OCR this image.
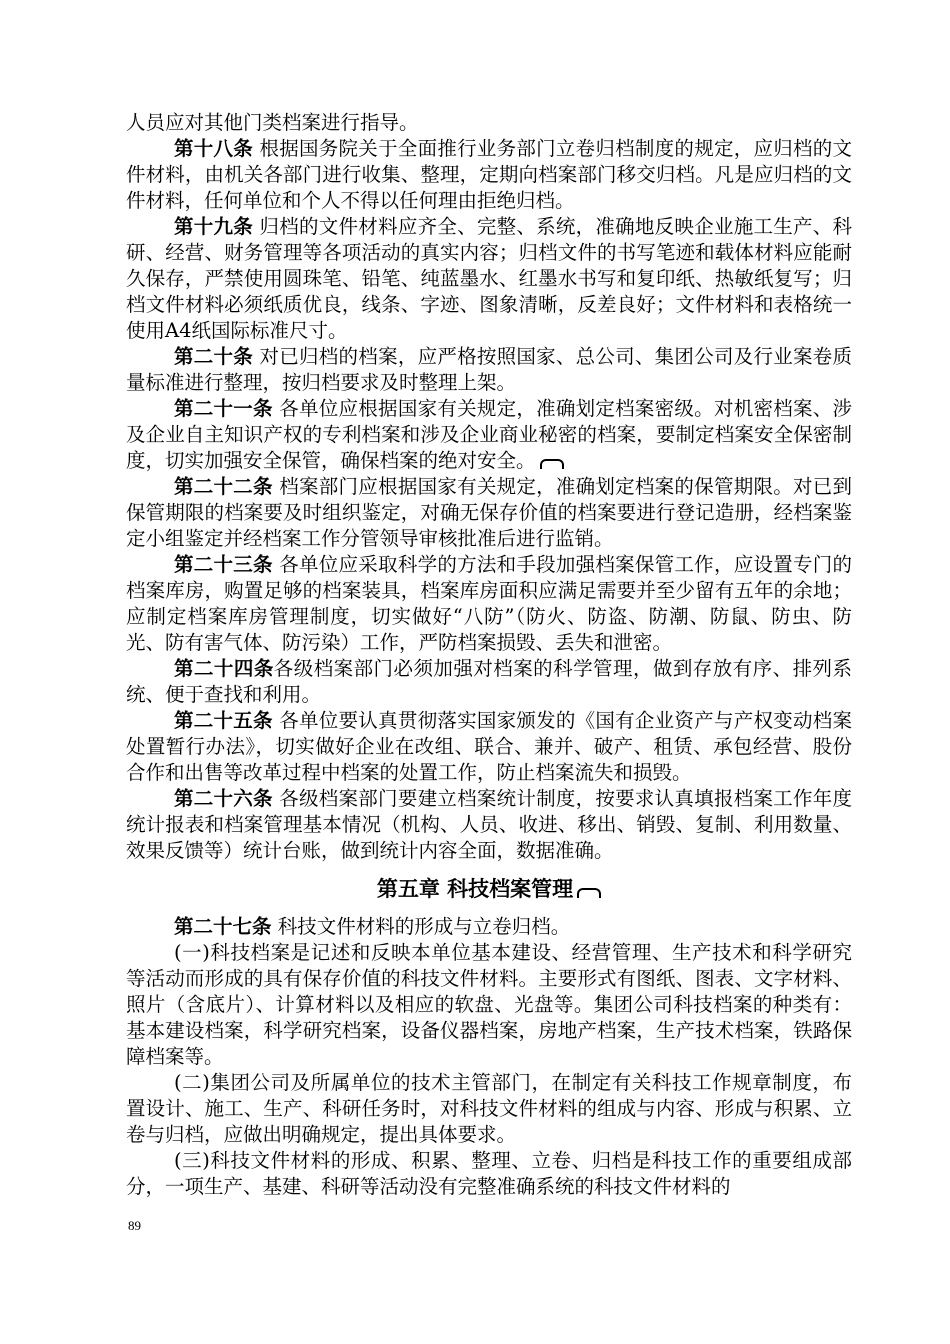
人员应对其他门类档案进行指导。

第十八条 根据国务院关于全面推行业务部门立卷归档制度的规定，应归档的文件材料，由机关各部门进行收集、整理，定期向档案部门移交归档。凡是应归档的文件材料，任何单位和个人不得以任何理由拒绝归档。

第十九条 归档的文件材料应齐全、完整、系统，准确地反映企业施工生产、科研、经营、财务管理等各项活动的真实内容；归档文件的书写笔迹和载体材料应能耐久保存，严禁使用圆珠笔、铅笔、纯蓝墨水、红墨水书写和复印纸、热敏纸复写；归档文件材料必须纸质优良，线条、字迹、图象清晰，反差良好；文件材料和表格统一使用A4纸国际标准尺寸。

第二十条 对已归档的档案，应严格按照国家、总公司、集团公司及行业案卷质量标准进行整理，按归档要求及时整理上架。

第二十一条 各单位应根据国家有关规定，准确划定档案密级。对机密档案、涉及企业自主知识产权的专利档案和涉及企业商业秘密的档案，要制定档案安全保密制度，切实加强安全保管，确保档案的绝对安全。

第二十二条 档案部门应根据国家有关规定，准确划定档案的保管期限。对已到保管期限的档案要及时组织鉴定，对确无保存价值的档案要进行登记造册，经档案鉴定小组鉴定并经档案工作分管领导审核批准后进行监销。

第二十三条 各单位应采取科学的方法和手段加强档案保管工作，应设置专门的档案库房，购置足够的档案装具，档案库房面积应满足需要并至少留有五年的余地；应制定档案库房管理制度，切实做好“八防”（防火、防盗、防潮、防鼠、防虫、防光、防有害气体、防污染）工作，严防档案损毁、丢失和泄密。

第二十四条各级档案部门必须加强对档案的科学管理，做到存放有序、排列系统、便于查找和利用。

第二十五条 各单位要认真贯彻落实国家颁发的《国有企业资产与产权变动档案处置暂行办法》，切实做好企业在改组、联合、兼并、破产、租赁、承包经营、股份合作和出售等改革过程中档案的处置工作，防止档案流失和损毁。

第二十六条 各级档案部门要建立档案统计制度，按要求认真填报档案工作年度统计报表和档案管理基本情况（机构、人员、收进、移出、销毁、复制、利用数量、效果反馈等）统计台账，做到统计内容全面，数据准确。

第五章 科技档案管理

第二十七条 科技文件材料的形成与立卷归档。

(一)科技档案是记述和反映本单位基本建设、经营管理、生产技术和科学研究等活动而形成的具有保存价值的科技文件材料。主要形式有图纸、图表、文字材料、照片（含底片）、计算材料以及相应的软盘、光盘等。集团公司科技档案的种类有：基本建设档案，科学研究档案，设备仪器档案，房地产档案，生产技术档案，铁路保障档案等。

(二)集团公司及所属单位的技术主管部门，在制定有关科技工作规章制度，布置设计、施工、生产、科研任务时，对科技文件材料的组成与内容、形成与积累、立卷与归档，应做出明确规定，提出具体要求。

(三)科技文件材料的形成、积累、整理、立卷、归档是科技工作的重要组成部分，一项生产、基建、科研等活动没有完整准确系统的科技文件材料的

89
